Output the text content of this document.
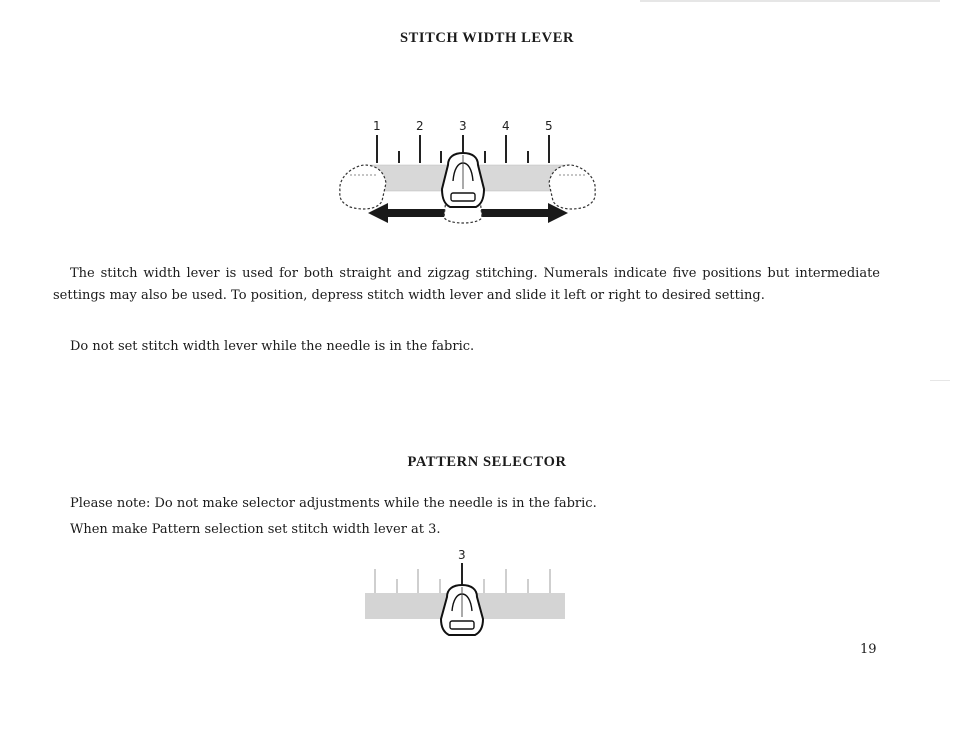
STITCH WIDTH LEVER
1	2	3	4	5
The stitch width lever is used for both straight and zigzag stitching. Numerals indicate five positions but intermediate settings may also be used. To position, depress stitch width lever and slide it left or right to desired setting.
Do not set stitch width lever while the needle is in the fabric.
PATTERN SELECTOR
Please note: Do not make selector adjustments while the needle is in the fabric.
When make Pattern selection set stitch width lever at 3.
3
19
